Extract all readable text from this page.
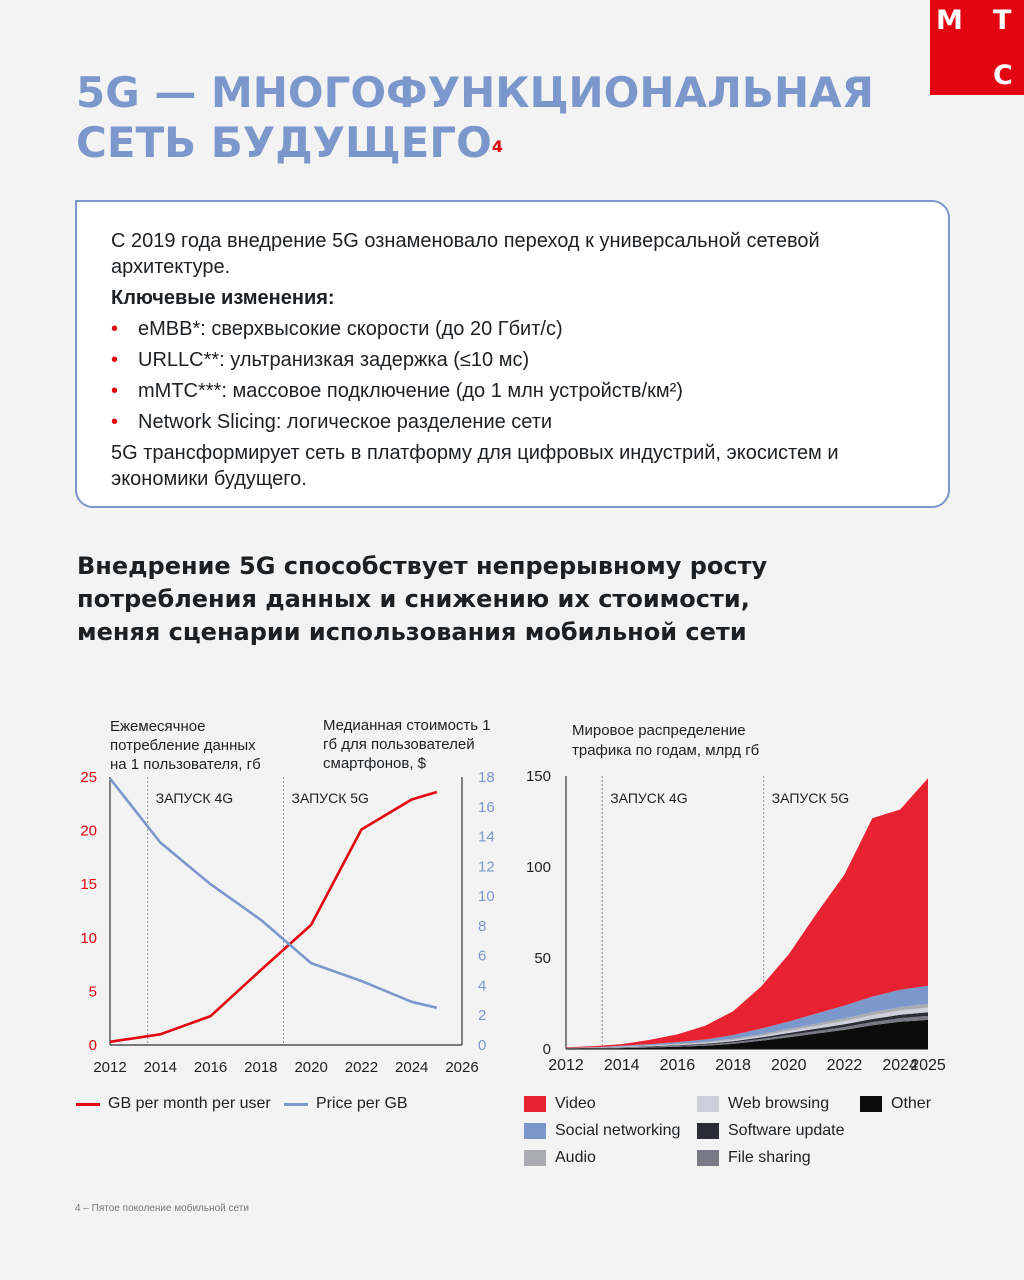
М Т
С
5G — МНОГОФУНКЦИОНАЛЬНАЯ
СЕТЬ БУДУЩЕГО$^4$

С 2019 года внедрение 5G ознаменовало переход к универсальной сетевой архитектуре.

Ключевые изменения:

• eMBB*: сверхвысокие скорости (до 20 Гбит/с)
• URLLC**: ультранизкая задержка (≤10 мс)
• mMTC***: массовое подключение (до 1 млн устройств/км²)
• Network Slicing: логическое разделение сети

5G трансформирует сеть в платформу для цифровых индустрий, экосистем и экономики будущего.

Внедрение 5G способствует непрерывному росту потребления данных и снижению их стоимости, меняя сценарии использования мобильной сети
Ежемесячное
потребление данных
на 1 пользователя, гб
Медианная стоимость 1
гб для пользователей
смартфонов, $
ЗАПУСК 4G	ЗАПУСК 5G
0
5
10
15
20
25
0
2
4
6
8
10
12
14
16
18
2012 2014 2016 2018 2020 2022 2024 2026
Мировое распределение
трафика по годам, млрд гб
ЗАПУСК 4G	ЗАПУСК 5G
0
50
100
150
2012 2014 2016 2018 2020 2022 2024
2025
GB per month per user	Price per GB	Video	Web browsing	Other
Social networking	Software update
Audio	File sharing
4 – Пятое поколение мобильной сети
